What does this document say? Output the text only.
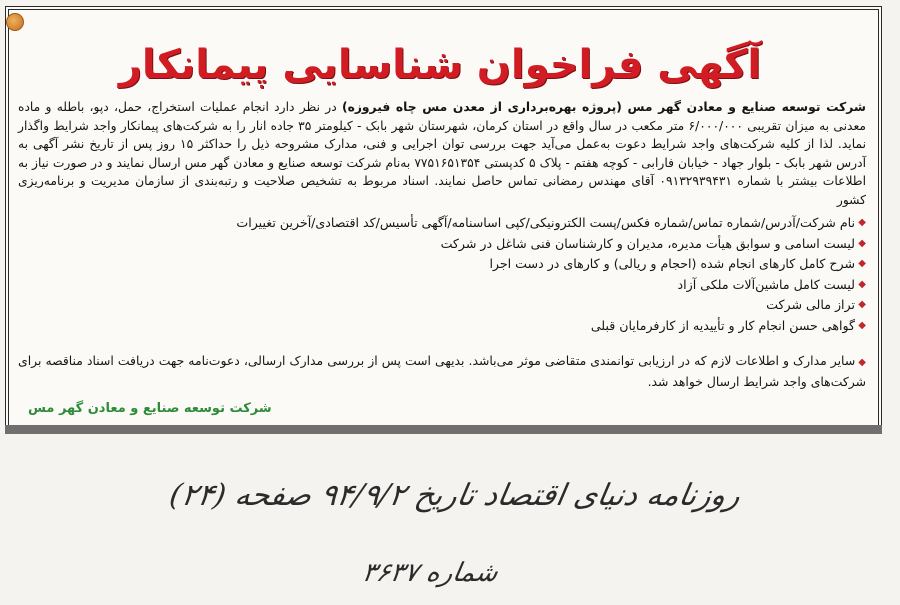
آگهی فراخوان شناسایی پیمانکار
شرکت توسعه صنایع و معادن گهر مس (پروژه بهره‌برداری از معدن مس چاه فیروزه) در نظر دارد انجام عملیات استخراج، حمل، دپو، باطله و ماده معدنی به میزان تقریبی ۶/۰۰۰/۰۰۰ متر مکعب در سال واقع در استان کرمان، شهرستان شهر بابک - کیلومتر ۳۵ جاده انار را به شرکت‌های پیمانکار واجد شرایط واگذار نماید. لذا از کلیه شرکت‌های واجد شرایط دعوت به‌عمل می‌آید جهت بررسی توان اجرایی و فنی، مدارک مشروحه ذیل را حداکثر ۱۵ روز پس از تاریخ نشر آگهی به آدرس شهر بابک - بلوار جهاد - خیابان فارابی - کوچه هفتم - پلاک ۵ کدپستی ۷۷۵۱۶۵۱۳۵۴ به‌نام شرکت توسعه صنایع و معادن گهر مس ارسال نمایند و در صورت نیاز به اطلاعات بیشتر با شماره ۰۹۱۳۲۹۳۹۴۳۱ آقای مهندس رمضانی تماس حاصل نمایند. اسناد مربوط به تشخیص صلاحیت و رتبه‌بندی از سازمان مدیریت و برنامه‌ریزی کشور
◆
نام شرکت/آدرس/شماره تماس/شماره فکس/پست الکترونیکی/کپی اساسنامه/آگهی تأسیس/کد اقتصادی/آخرین تغییرات
◆
لیست اسامی و سوابق هیأت مدیره، مدیران و کارشناسان فنی شاغل در شرکت
◆
شرح کامل کارهای انجام شده (احجام و ریالی) و کارهای در دست اجرا
◆
لیست کامل ماشین‌آلات ملکی آزاد
◆
تراز مالی شرکت
◆
گواهی حسن انجام کار و تأییدیه از کارفرمایان قبلی
◆سایر مدارک و اطلاعات لازم که در ارزیابی توانمندی متقاضی موثر می‌باشد. بدیهی است پس از بررسی مدارک ارسالی، دعوت‌نامه جهت دریافت اسناد مناقصه برای شرکت‌های واجد شرایط ارسال خواهد شد.
شرکت توسعه صنایع و معادن گهر مس
روزنامه دنیای اقتصاد تاریخ ۹۴/۹/۲ صفحه (۲۴)
شماره ۳۶۳۷
